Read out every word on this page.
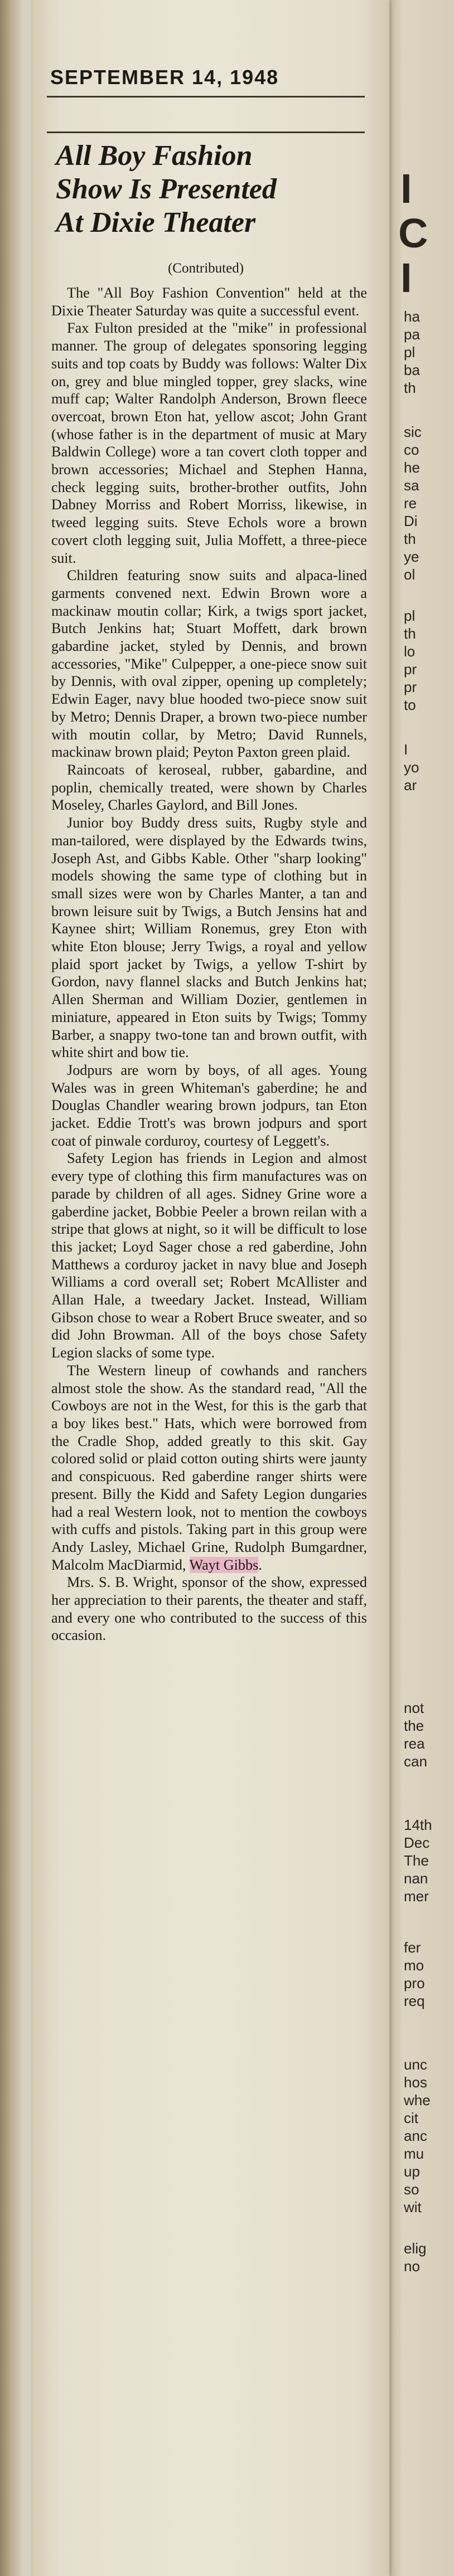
I
C
I
ha
pa
pl
ba
th
sic
co
he
sa
re
Di
th
ye
ol
pl
th
lo
pr
pr
to
I
yo
ar
not
the
rea
can
14th
Dec
The
nan
mer
fer
mo
pro
req
unc
hos
whe
cit
anc
mu
up
so
wit
elig
no
SEPTEMBER 14, 1948
All Boy Fashion
Show Is Presented
At Dixie Theater
(Contributed)

The "All Boy Fashion Convention" held at the Dixie Theater Saturday was quite a successful event.

Fax Fulton presided at the "mike" in professional manner. The group of delegates sponsoring legging suits and top coats by Buddy was follows: Walter Dix on, grey and blue mingled topper, grey slacks, wine muff cap; Walter Randolph Anderson, Brown fleece overcoat, brown Eton hat, yellow ascot; John Grant (whose father is in the department of music at Mary Baldwin College) wore a tan covert cloth topper and brown accessories; Michael and Stephen Hanna, check legging suits, brother-brother outfits, John Dabney Morriss and Robert Morriss, likewise, in tweed legging suits. Steve Echols wore a brown covert cloth legging suit, Julia Moffett, a three-piece suit.

Children featuring snow suits and alpaca-lined garments convened next. Edwin Brown wore a mackinaw moutin collar; Kirk, a twigs sport jacket, Butch Jenkins hat; Stuart Moffett, dark brown gabardine jacket, styled by Dennis, and brown accessories, "Mike" Culpepper, a one-piece snow suit by Dennis, with oval zipper, opening up completely; Edwin Eager, navy blue hooded two-piece snow suit by Metro; Dennis Draper, a brown two-piece number with moutin collar, by Metro; David Runnels, mackinaw brown plaid; Peyton Paxton green plaid.

Raincoats of keroseal, rubber, gabardine, and poplin, chemically treated, were shown by Charles Moseley, Charles Gaylord, and Bill Jones.

Junior boy Buddy dress suits, Rugby style and man-tailored, were displayed by the Edwards twins, Joseph Ast, and Gibbs Kable. Other "sharp looking" models showing the same type of clothing but in small sizes were won by Charles Manter, a tan and brown leisure suit by Twigs, a Butch Jensins hat and Kaynee shirt; William Ronemus, grey Eton with white Eton blouse; Jerry Twigs, a royal and yellow plaid sport jacket by Twigs, a yellow T-shirt by Gordon, navy flannel slacks and Butch Jenkins hat; Allen Sherman and William Dozier, gentlemen in miniature, appeared in Eton suits by Twigs; Tommy Barber, a snappy two-tone tan and brown outfit, with white shirt and bow tie.

Jodpurs are worn by boys, of all ages. Young Wales was in green Whiteman's gaberdine; he and Douglas Chandler wearing brown jodpurs, tan Eton jacket. Eddie Trott's was brown jodpurs and sport coat of pinwale corduroy, courtesy of Leggett's.

Safety Legion has friends in Legion and almost every type of clothing this firm manufactures was on parade by children of all ages. Sidney Grine wore a gaberdine jacket, Bobbie Peeler a brown reilan with a stripe that glows at night, so it will be difficult to lose this jacket; Loyd Sager chose a red gaberdine, John Matthews a corduroy jacket in navy blue and Joseph Williams a cord overall set; Robert McAllister and Allan Hale, a tweedary Jacket. Instead, William Gibson chose to wear a Robert Bruce sweater, and so did John Browman. All of the boys chose Safety Legion slacks of some type.

The Western lineup of cowhands and ranchers almost stole the show. As the standard read, "All the Cowboys are not in the West, for this is the garb that a boy likes best." Hats, which were borrowed from the Cradle Shop, added greatly to this skit. Gay colored solid or plaid cotton outing shirts were jaunty and conspicuous. Red gaberdine ranger shirts were present. Billy the Kidd and Safety Legion dungaries had a real Western look, not to mention the cowboys with cuffs and pistols. Taking part in this group were Andy Lasley, Michael Grine, Rudolph Bumgardner, Malcolm MacDiarmid, Wayt Gibbs.

Mrs. S. B. Wright, sponsor of the show, expressed her appreciation to their parents, the theater and staff, and every one who contributed to the success of this occasion.
